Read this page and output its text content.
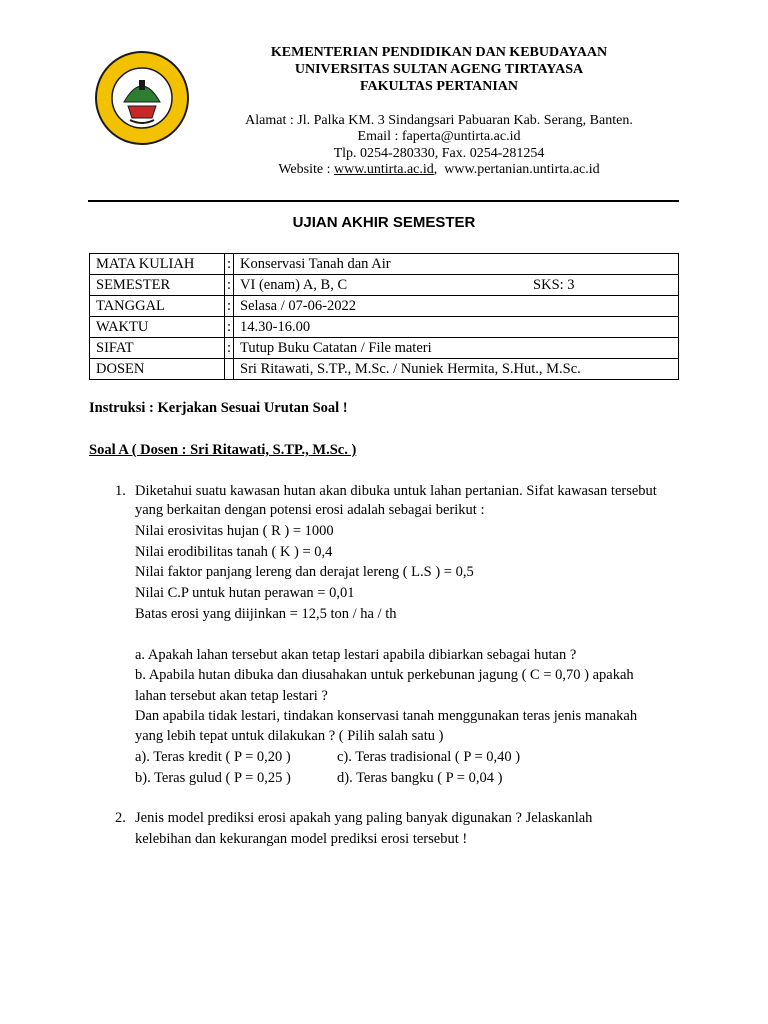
KEMENTERIAN PENDIDIKAN DAN KEBUDAYAAN
UNIVERSITAS SULTAN AGENG TIRTAYASA
FAKULTAS PERTANIAN
Alamat : Jl. Palka KM. 3 Sindangsari Pabuaran Kab. Serang, Banten.
Email : faperta@untirta.ac.id
Tlp. 0254-280330, Fax. 0254-281254
Website : www.untirta.ac.id, www.pertanian.untirta.ac.id
UJIAN AKHIR SEMESTER
MATA KULIAH	:	Konservasi Tanah dan Air
SEMESTER	:	VI (enam) A, B, C SKS: 3

TANGGAL	:	Selasa / 07-06-2022
WAKTU	:	14.30-16.00
SIFAT	:	Tutup Buku Catatan / File materi
DOSEN		Sri Ritawati, S.TP., M.Sc. / Nuniek Hermita, S.Hut., M.Sc.
Instruksi : Kerjakan Sesuai Urutan Soal !
Soal A ( Dosen : Sri Ritawati, S.TP., M.Sc. )
1. Diketahui suatu kawasan hutan akan dibuka untuk lahan pertanian. Sifat kawasan tersebut
yang berkaitan dengan potensi erosi adalah sebagai berikut :
Nilai erosivitas hujan ( R ) = 1000
Nilai erodibilitas tanah ( K ) = 0,4
Nilai faktor panjang lereng dan derajat lereng ( L.S ) = 0,5
Nilai C.P untuk hutan perawan = 0,01
Batas erosi yang diijinkan = 12,5 ton / ha / th
a. Apakah lahan tersebut akan tetap lestari apabila dibiarkan sebagai hutan ?
b. Apabila hutan dibuka dan diusahakan untuk perkebunan jagung ( C = 0,70 ) apakah
lahan tersebut akan tetap lestari ?
Dan apabila tidak lestari, tindakan konservasi tanah menggunakan teras jenis manakah
yang lebih tepat untuk dilakukan ? ( Pilih salah satu )
a). Teras kredit ( P = 0,20 )	c). Teras tradisional ( P = 0,40 )
b). Teras gulud ( P = 0,25 )	d). Teras bangku ( P = 0,04 )
2. Jenis model prediksi erosi apakah yang paling banyak digunakan ? Jelaskanlah
kelebihan dan kekurangan model prediksi erosi tersebut !
